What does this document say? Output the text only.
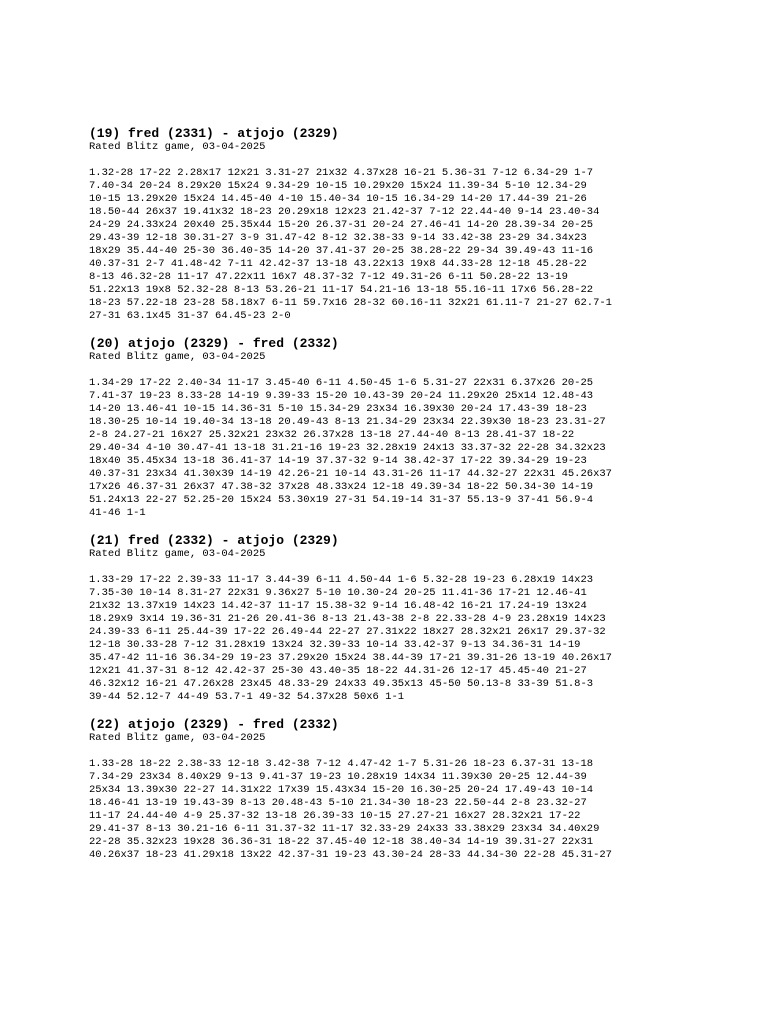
(19) fred (2331) - atjojo (2329)
Rated Blitz game, 03-04-2025
1.32-28 17-22 2.28x17 12x21 3.31-27 21x32 4.37x28 16-21 5.36-31 7-12 6.34-29 1-7
7.40-34 20-24 8.29x20 15x24 9.34-29 10-15 10.29x20 15x24 11.39-34 5-10 12.34-29
10-15 13.29x20 15x24 14.45-40 4-10 15.40-34 10-15 16.34-29 14-20 17.44-39 21-26
18.50-44 26x37 19.41x32 18-23 20.29x18 12x23 21.42-37 7-12 22.44-40 9-14 23.40-34
24-29 24.33x24 20x40 25.35x44 15-20 26.37-31 20-24 27.46-41 14-20 28.39-34 20-25
29.43-39 12-18 30.31-27 3-9 31.47-42 8-12 32.38-33 9-14 33.42-38 23-29 34.34x23
18x29 35.44-40 25-30 36.40-35 14-20 37.41-37 20-25 38.28-22 29-34 39.49-43 11-16
40.37-31 2-7 41.48-42 7-11 42.42-37 13-18 43.22x13 19x8 44.33-28 12-18 45.28-22
8-13 46.32-28 11-17 47.22x11 16x7 48.37-32 7-12 49.31-26 6-11 50.28-22 13-19
51.22x13 19x8 52.32-28 8-13 53.26-21 11-17 54.21-16 13-18 55.16-11 17x6 56.28-22
18-23 57.22-18 23-28 58.18x7 6-11 59.7x16 28-32 60.16-11 32x21 61.11-7 21-27 62.7-1
27-31 63.1x45 31-37 64.45-23 2-0
(20) atjojo (2329) - fred (2332)
Rated Blitz game, 03-04-2025
1.34-29 17-22 2.40-34 11-17 3.45-40 6-11 4.50-45 1-6 5.31-27 22x31 6.37x26 20-25
7.41-37 19-23 8.33-28 14-19 9.39-33 15-20 10.43-39 20-24 11.29x20 25x14 12.48-43
14-20 13.46-41 10-15 14.36-31 5-10 15.34-29 23x34 16.39x30 20-24 17.43-39 18-23
18.30-25 10-14 19.40-34 13-18 20.49-43 8-13 21.34-29 23x34 22.39x30 18-23 23.31-27
2-8 24.27-21 16x27 25.32x21 23x32 26.37x28 13-18 27.44-40 8-13 28.41-37 18-22
29.40-34 4-10 30.47-41 13-18 31.21-16 19-23 32.28x19 24x13 33.37-32 22-28 34.32x23
18x40 35.45x34 13-18 36.41-37 14-19 37.37-32 9-14 38.42-37 17-22 39.34-29 19-23
40.37-31 23x34 41.30x39 14-19 42.26-21 10-14 43.31-26 11-17 44.32-27 22x31 45.26x37
17x26 46.37-31 26x37 47.38-32 37x28 48.33x24 12-18 49.39-34 18-22 50.34-30 14-19
51.24x13 22-27 52.25-20 15x24 53.30x19 27-31 54.19-14 31-37 55.13-9 37-41 56.9-4
41-46 1-1
(21) fred (2332) - atjojo (2329)
Rated Blitz game, 03-04-2025
1.33-29 17-22 2.39-33 11-17 3.44-39 6-11 4.50-44 1-6 5.32-28 19-23 6.28x19 14x23
7.35-30 10-14 8.31-27 22x31 9.36x27 5-10 10.30-24 20-25 11.41-36 17-21 12.46-41
21x32 13.37x19 14x23 14.42-37 11-17 15.38-32 9-14 16.48-42 16-21 17.24-19 13x24
18.29x9 3x14 19.36-31 21-26 20.41-36 8-13 21.43-38 2-8 22.33-28 4-9 23.28x19 14x23
24.39-33 6-11 25.44-39 17-22 26.49-44 22-27 27.31x22 18x27 28.32x21 26x17 29.37-32
12-18 30.33-28 7-12 31.28x19 13x24 32.39-33 10-14 33.42-37 9-13 34.36-31 14-19
35.47-42 11-16 36.34-29 19-23 37.29x20 15x24 38.44-39 17-21 39.31-26 13-19 40.26x17
12x21 41.37-31 8-12 42.42-37 25-30 43.40-35 18-22 44.31-26 12-17 45.45-40 21-27
46.32x12 16-21 47.26x28 23x45 48.33-29 24x33 49.35x13 45-50 50.13-8 33-39 51.8-3
39-44 52.12-7 44-49 53.7-1 49-32 54.37x28 50x6 1-1
(22) atjojo (2329) - fred (2332)
Rated Blitz game, 03-04-2025
1.33-28 18-22 2.38-33 12-18 3.42-38 7-12 4.47-42 1-7 5.31-26 18-23 6.37-31 13-18
7.34-29 23x34 8.40x29 9-13 9.41-37 19-23 10.28x19 14x34 11.39x30 20-25 12.44-39
25x34 13.39x30 22-27 14.31x22 17x39 15.43x34 15-20 16.30-25 20-24 17.49-43 10-14
18.46-41 13-19 19.43-39 8-13 20.48-43 5-10 21.34-30 18-23 22.50-44 2-8 23.32-27
11-17 24.44-40 4-9 25.37-32 13-18 26.39-33 10-15 27.27-21 16x27 28.32x21 17-22
29.41-37 8-13 30.21-16 6-11 31.37-32 11-17 32.33-29 24x33 33.38x29 23x34 34.40x29
22-28 35.32x23 19x28 36.36-31 18-22 37.45-40 12-18 38.40-34 14-19 39.31-27 22x31
40.26x37 18-23 41.29x18 13x22 42.37-31 19-23 43.30-24 28-33 44.34-30 22-28 45.31-27
